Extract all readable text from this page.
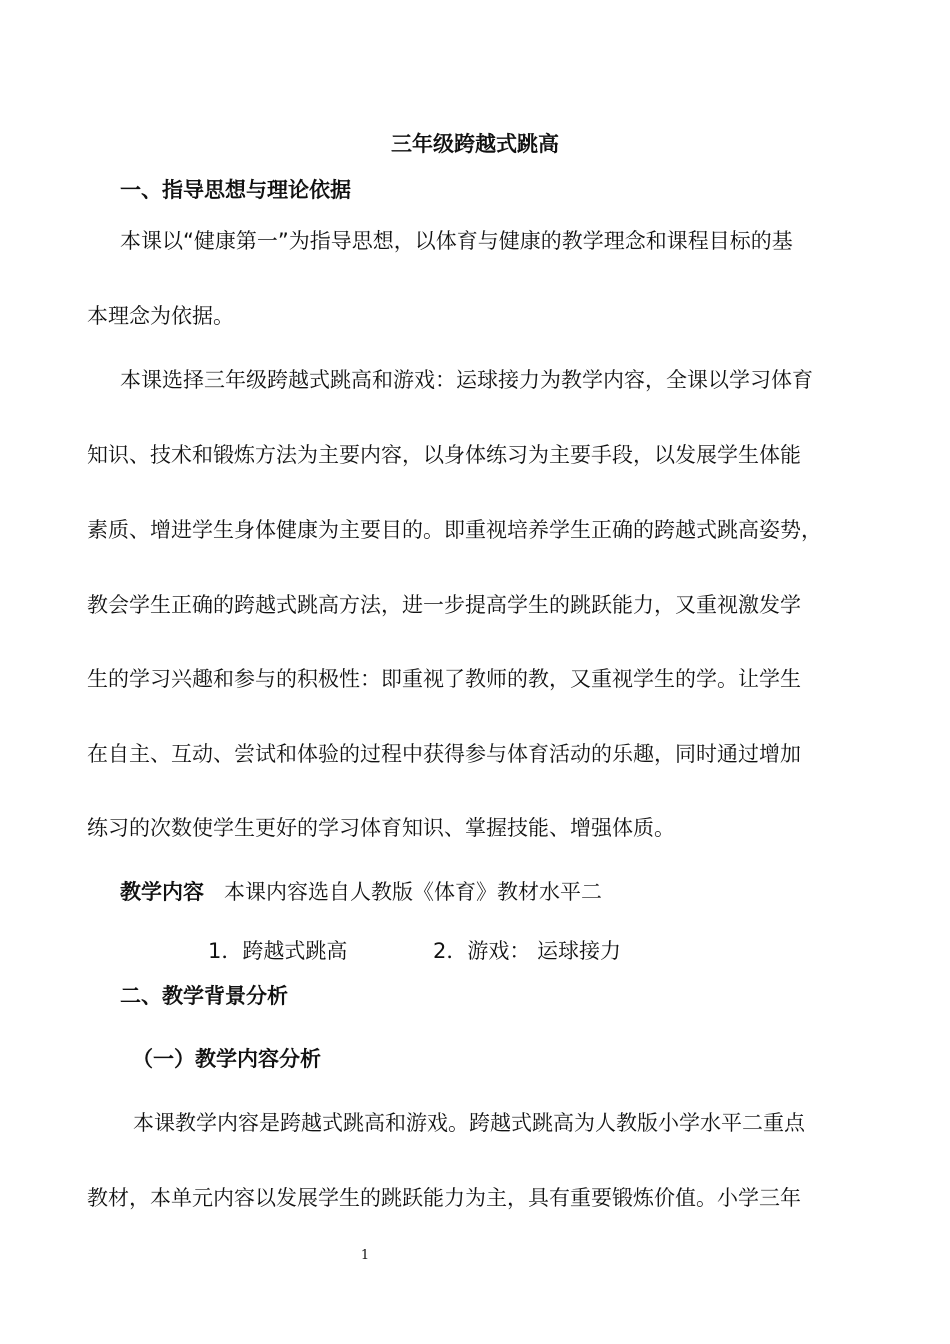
三年级跨越式跳高
一、指导思想与理论依据
本课以“健康第一”为指导思想，以体育与健康的教学理念和课程目标的基
本理念为依据。
本课选择三年级跨越式跳高和游戏：运球接力为教学内容，全课以学习体育
知识、技术和锻炼方法为主要内容，以身体练习为主要手段，以发展学生体能
素质、增进学生身体健康为主要目的。即重视培养学生正确的跨越式跳高姿势，
教会学生正确的跨越式跳高方法，进一步提高学生的跳跃能力，又重视激发学
生的学习兴趣和参与的积极性：即重视了教师的教，又重视学生的学。让学生
在自主、互动、尝试和体验的过程中获得参与体育活动的乐趣，同时通过增加
练习的次数使学生更好的学习体育知识、掌握技能、增强体质。
教学内容 本课内容选自人教版《体育》教材水平二
1．跨越式跳高	2．游戏： 运球接力
二、教学背景分析
（一）教学内容分析
本课教学内容是跨越式跳高和游戏。跨越式跳高为人教版小学水平二重点
教材，本单元内容以发展学生的跳跃能力为主，具有重要锻炼价值。小学三年
1
